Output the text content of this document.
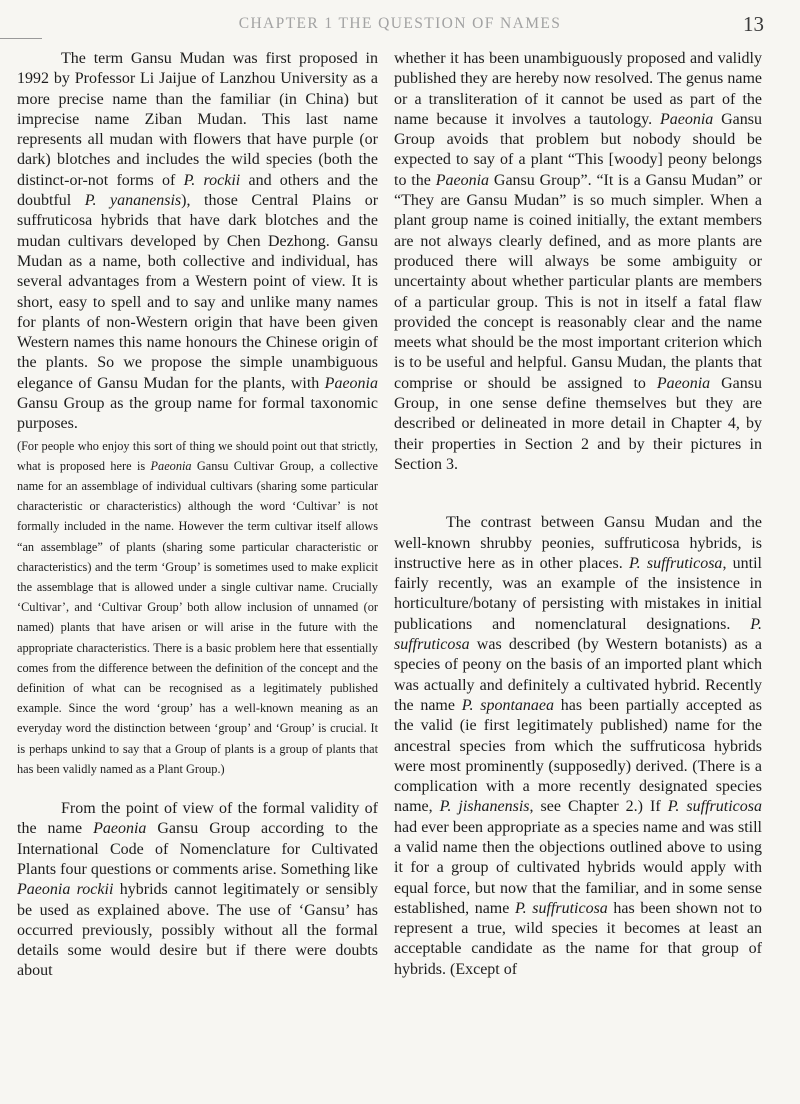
CHAPTER 1 THE QUESTION OF NAMES	13

The term Gansu Mudan was first proposed in 1992 by Professor Li Jaijue of Lanzhou University as a more precise name than the familiar (in China) but imprecise name Ziban Mudan. This last name represents all mudan with flowers that have purple (or dark) blotches and includes the wild species (both the distinct-or-not forms of P. rockii and others and the doubtful P. yananensis), those Central Plains or suffruticosa hybrids that have dark blotches and the mudan cultivars developed by Chen Dezhong. Gansu Mudan as a name, both collective and individual, has several advantages from a Western point of view. It is short, easy to spell and to say and unlike many names for plants of non-Western origin that have been given Western names this name honours the Chinese origin of the plants. So we propose the simple unambiguous elegance of Gansu Mudan for the plants, with Paeonia Gansu Group as the group name for formal taxonomic purposes.

(For people who enjoy this sort of thing we should point out that strictly, what is proposed here is Paeonia Gansu Cultivar Group, a collective name for an assemblage of individual cultivars (sharing some particular characteristic or characteristics) although the word ‘Cultivar’ is not formally included in the name. However the term cultivar itself allows “an assemblage” of plants (sharing some particular characteristic or characteristics) and the term ‘Group’ is sometimes used to make explicit the assemblage that is allowed under a single cultivar name. Crucially ‘Cultivar’, and ‘Cultivar Group’ both allow inclusion of unnamed (or named) plants that have arisen or will arise in the future with the appropriate characteristics. There is a basic problem here that essentially comes from the difference between the definition of the concept and the definition of what can be recognised as a legitimately published example. Since the word ‘group’ has a well-known meaning as an everyday word the distinction between ‘group’ and ‘Group’ is crucial. It is perhaps unkind to say that a Group of plants is a group of plants that has been validly named as a Plant Group.)

From the point of view of the formal validity of the name Paeonia Gansu Group according to the International Code of Nomenclature for Cultivated Plants four questions or comments arise. Something like Paeonia rockii hybrids cannot legitimately or sensibly be used as explained above. The use of ‘Gansu’ has occurred previously, possibly without all the formal details some would desire but if there were doubts about

whether it has been unambiguously proposed and validly published they are hereby now resolved. The genus name or a transliteration of it cannot be used as part of the name because it involves a tautology. Paeonia Gansu Group avoids that problem but nobody should be expected to say of a plant “This [woody] peony belongs to the Paeonia Gansu Group”. “It is a Gansu Mudan” or “They are Gansu Mudan” is so much simpler. When a plant group name is coined initially, the extant members are not always clearly defined, and as more plants are produced there will always be some ambiguity or uncertainty about whether particular plants are members of a particular group. This is not in itself a fatal flaw provided the concept is reasonably clear and the name meets what should be the most important criterion which is to be useful and helpful. Gansu Mudan, the plants that comprise or should be assigned to Paeonia Gansu Group, in one sense define themselves but they are described or delineated in more detail in Chapter 4, by their properties in Section 2 and by their pictures in Section 3.

The contrast between Gansu Mudan and the well-known shrubby peonies, suffruticosa hybrids, is instructive here as in other places. P. suffruticosa, until fairly recently, was an example of the insistence in horticulture/botany of persisting with mistakes in initial publications and nomenclatural designations. P. suffruticosa was described (by Western botanists) as a species of peony on the basis of an imported plant which was actually and definitely a cultivated hybrid. Recently the name P. spontanaea has been partially accepted as the valid (ie first legitimately published) name for the ancestral species from which the suffruticosa hybrids were most prominently (supposedly) derived. (There is a complication with a more recently designated species name, P. jishanensis, see Chapter 2.) If P. suffruticosa had ever been appropriate as a species name and was still a valid name then the objections outlined above to using it for a group of cultivated hybrids would apply with equal force, but now that the familiar, and in some sense established, name P. suffruticosa has been shown not to represent a true, wild species it becomes at least an acceptable candidate as the name for that group of hybrids. (Except of
